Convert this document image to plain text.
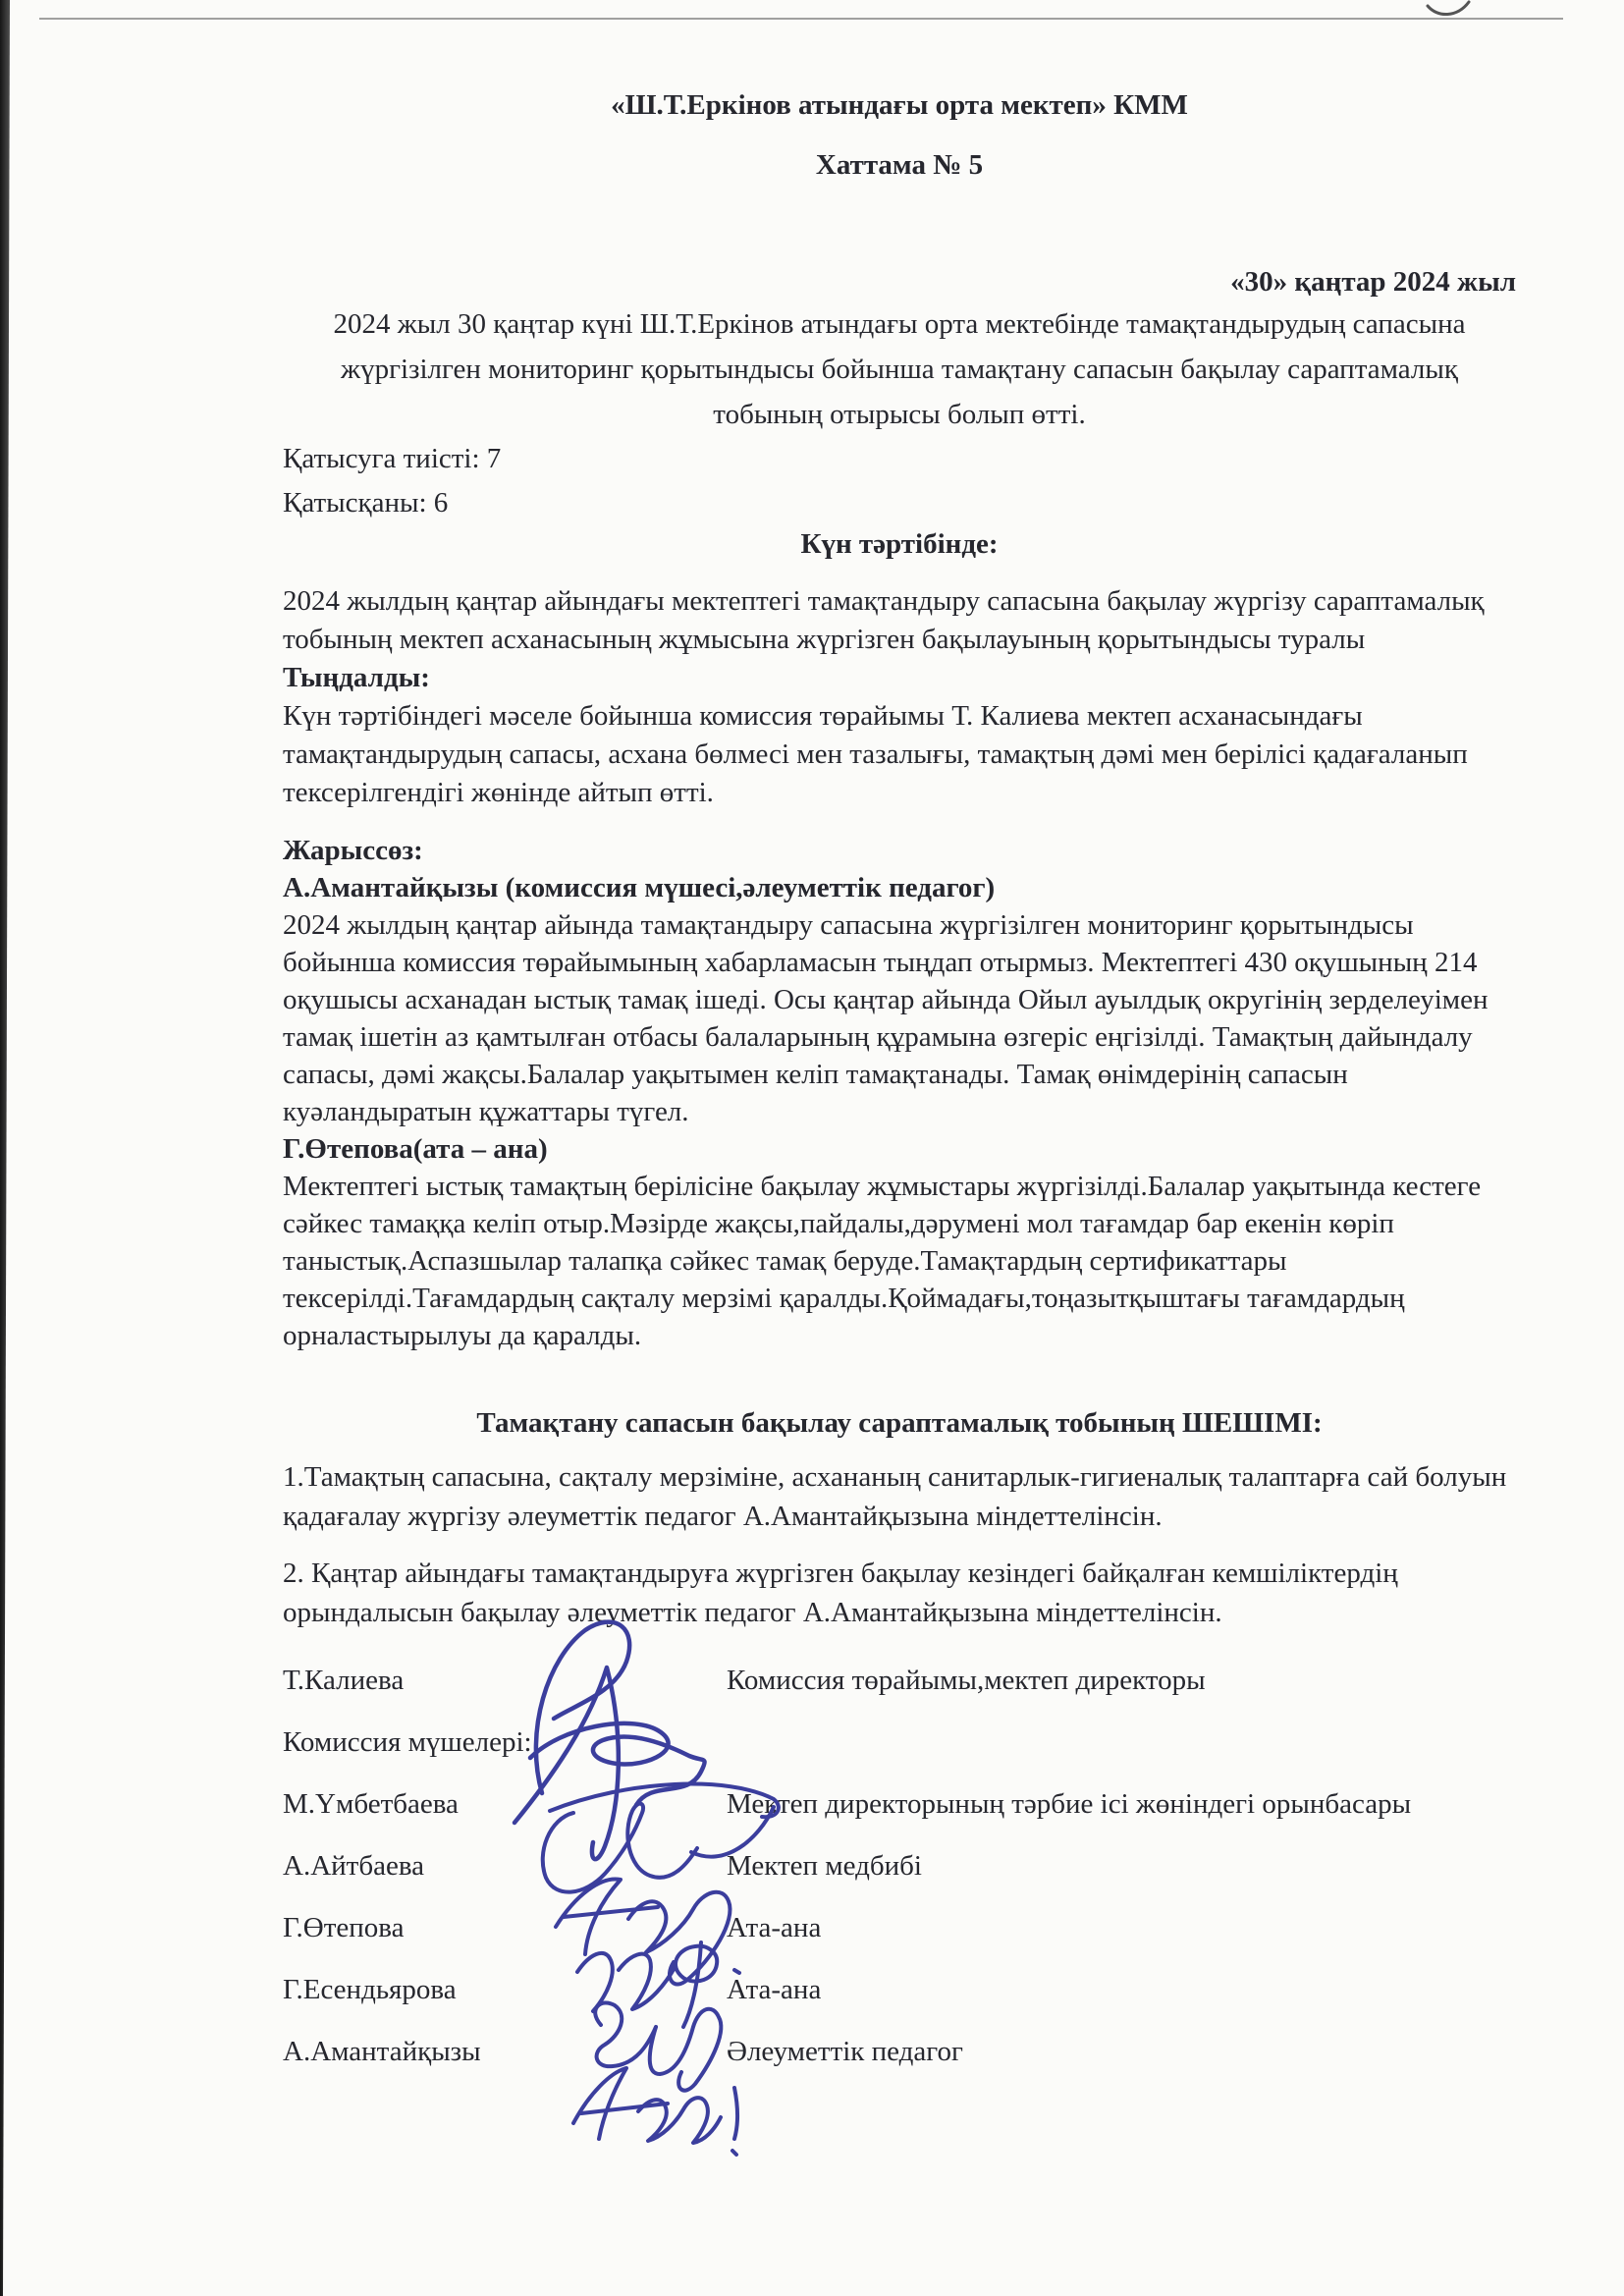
«Ш.Т.Еркінов атындағы орта мектеп» КММ
Хаттама № 5
«30» қаңтар 2024 жыл

2024 жыл 30 қаңтар күні Ш.Т.Еркінов атындағы орта мектебінде тамақтандырудың сапасына жүргізілген мониторинг қорытындысы бойынша тамақтану сапасын бақылау сараптамалық тобының отырысы болып өтті.

Қатысуга тиісті: 7

Қатысқаны: 6

Күн тәртібінде:

2024 жылдың қаңтар айындағы мектептегі тамақтандыру сапасына бақылау жүргізу сараптамалық тобының мектеп асханасының жұмысына жүргізген бақылауының қорытындысы туралы

Тыңдалды:

Күн тәртібіндегі мәселе бойынша комиссия төрайымы Т. Калиева мектеп асханасындағы тамақтандырудың сапасы, асхана бөлмесі мен тазалығы, тамақтың дәмі мен берілісі қадағаланып тексерілгендігі жөнінде айтып өтті.

Жарыссөз:

А.Амантайқызы (комиссия мүшесі,әлеуметтік педагог)

2024 жылдың қаңтар айында тамақтандыру сапасына жүргізілген мониторинг қорытындысы бойынша комиссия төрайымының хабарламасын тыңдап отырмыз. Мектептегі 430 оқушының 214 оқушысы асханадан ыстық тамақ ішеді. Осы қаңтар айында Ойыл ауылдық округінің зерделеуімен тамақ ішетін аз қамтылған отбасы балаларының құрамына өзгеріс еңгізілді. Тамақтың дайындалу сапасы, дәмі жақсы.Балалар уақытымен келіп тамақтанады. Тамақ өнімдерінің сапасын куәландыратын құжаттары түгел.

Г.Өтепова(ата – ана)

Мектептегі ыстық тамақтың берілісіне бақылау жұмыстары жүргізілді.Балалар уақытында кестеге сәйкес тамаққа келіп отыр.Мәзірде жақсы,пайдалы,дәрумені мол тағамдар бар екенін көріп таныстық.Аспазшылар талапқа сәйкес тамақ беруде.Тамақтардың сертификаттары тексерілді.Тағамдардың сақталу мерзімі қаралды.Қоймадағы,тоңазытқыштағы тағамдардың орналастырылуы да қаралды.

Тамақтану сапасын бақылау сараптамалық тобының ШЕШІМІ:

1.Тамақтың сапасына, сақталу мерзіміне, асхананың санитарлык-гигиеналық талаптарға сай болуын қадағалау жүргізу әлеуметтік педагог А.Амантайқызына міндеттелінсін.

2. Қаңтар айындағы тамақтандыруға жүргізген бақылау кезіндегі байқалған кемшіліктердің орындалысын бақылау әлеуметтік педагог А.Амантайқызына міндеттелінсін.

Т.Калиева	Комиссия төрайымы,мектеп директоры
Комиссия мүшелері:
М.Үмбетбаева	Мектеп директорының тәрбие ісі жөніндегі орынбасары
А.Айтбаева	Мектеп медбибі
Г.Өтепова	Ата-ана
Г.Есендьярова	Ата-ана
А.Амантайқызы	Әлеуметтік педагог
